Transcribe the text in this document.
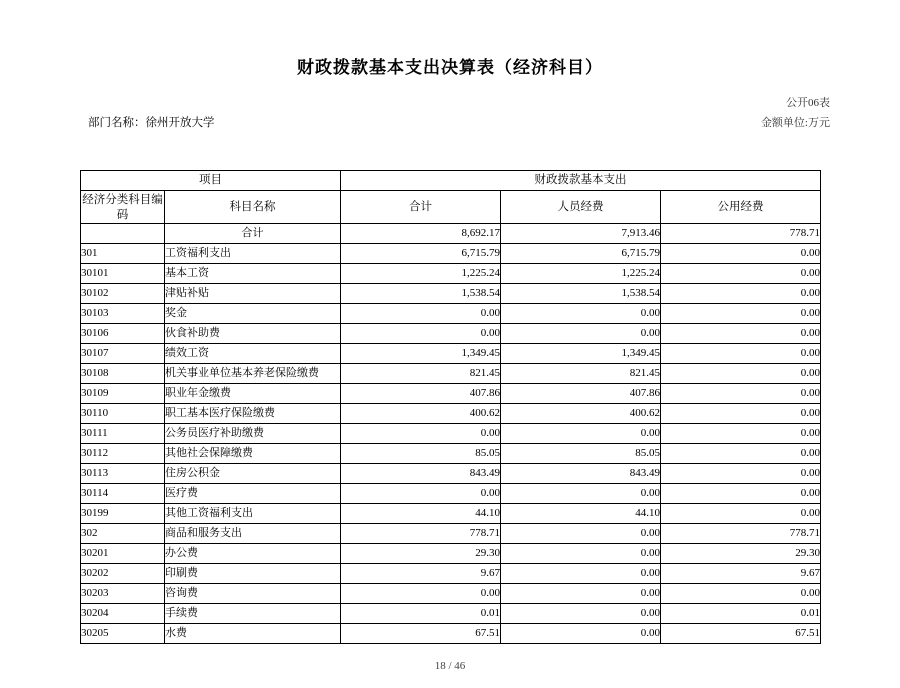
财政拨款基本支出决算表（经济科目）
公开06表
金额单位:万元
部门名称：徐州开放大学
项目		财政拨款基本支出		

经济分类科目编码	科目名称	合计	人员经费	公用经费
	合计	8,692.17	7,913.46	778.71
301	工资福利支出	6,715.79	6,715.79	0.00
30101	基本工资	1,225.24	1,225.24	0.00
30102	津贴补贴	1,538.54	1,538.54	0.00
30103	奖金	0.00	0.00	0.00
30106	伙食补助费	0.00	0.00	0.00
30107	绩效工资	1,349.45	1,349.45	0.00
30108	机关事业单位基本养老保险缴费	821.45	821.45	0.00
30109	职业年金缴费	407.86	407.86	0.00
30110	职工基本医疗保险缴费	400.62	400.62	0.00
30111	公务员医疗补助缴费	0.00	0.00	0.00
30112	其他社会保障缴费	85.05	85.05	0.00
30113	住房公积金	843.49	843.49	0.00
30114	医疗费	0.00	0.00	0.00
30199	其他工资福利支出	44.10	44.10	0.00
302	商品和服务支出	778.71	0.00	778.71
30201	办公费	29.30	0.00	29.30
30202	印刷费	9.67	0.00	9.67
30203	咨询费	0.00	0.00	0.00
30204	手续费	0.01	0.00	0.01
30205	水费	67.51	0.00	67.51
18 / 46
